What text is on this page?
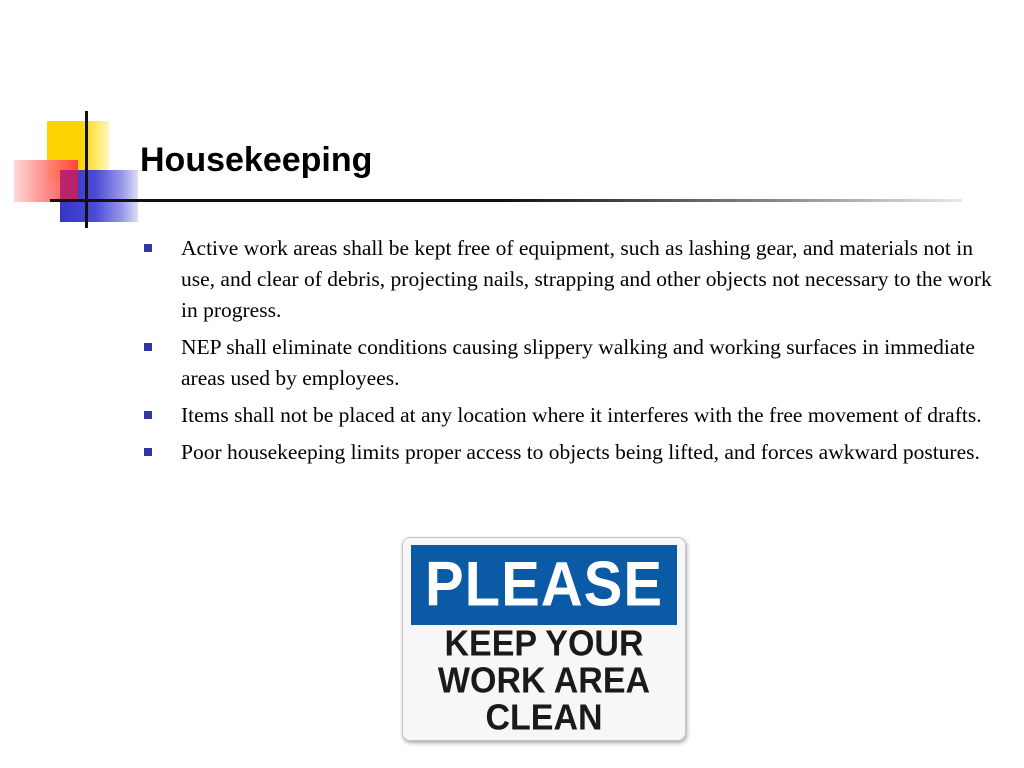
Housekeeping
Active work areas shall be kept free of equipment, such as lashing gear, and materials not in use, and clear of debris, projecting nails, strapping and other objects not necessary to the work in progress.
NEP shall eliminate conditions causing slippery walking and working surfaces in immediate areas used by employees.
Items shall not be placed at any location where it interferes with the free movement of drafts.
Poor housekeeping limits proper access to objects being lifted, and forces awkward postures.
PLEASE
KEEP YOUR
WORK AREA
CLEAN
